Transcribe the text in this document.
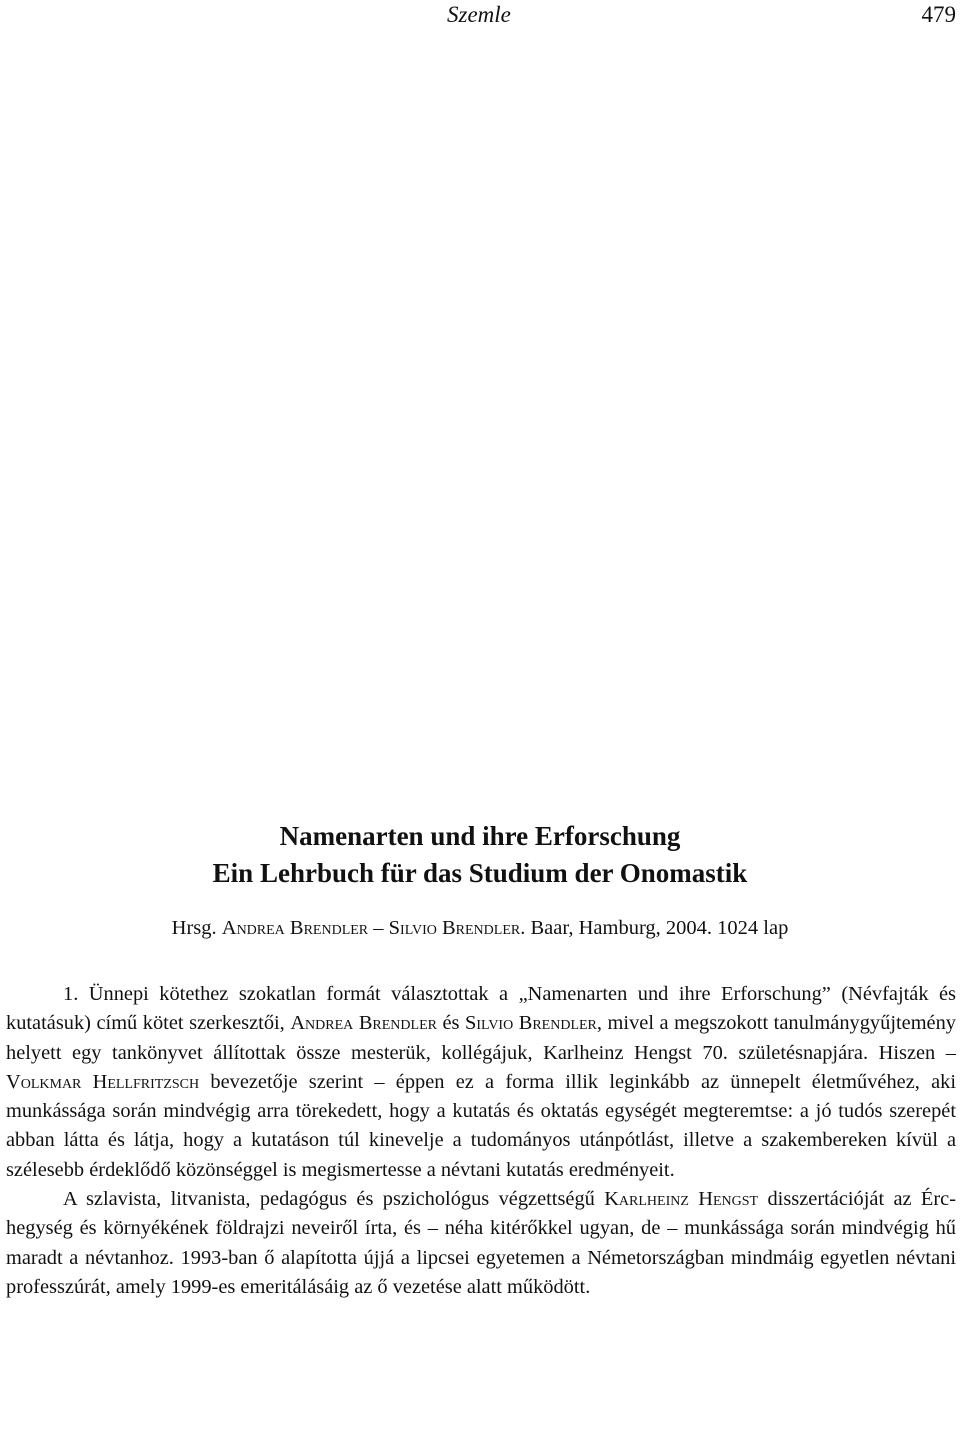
Szemle	479
Namenarten und ihre Erforschung
Ein Lehrbuch für das Studium der Onomastik
Hrsg. Andrea Brendler – Silvio Brendler. Baar, Hamburg, 2004. 1024 lap

1. Ünnepi kötethez szokatlan formát választottak a „Namenarten und ihre Erforschung” (Névfajták és kutatásuk) című kötet szerkesztői, Andrea Brendler és Silvio Brendler, mivel a megszokott tanulmánygyűjtemény helyett egy tankönyvet állítottak össze mesterük, kollégájuk, Karlheinz Hengst 70. születésnapjára. Hiszen – Volkmar Hellfritzsch bevezetője szerint – éppen ez a forma illik leginkább az ünnepelt életművéhez, aki munkássága során mindvégig arra törekedett, hogy a kutatás és oktatás egységét megteremtse: a jó tudós szerepét abban látta és látja, hogy a kutatáson túl kinevelje a tudományos utánpótlást, illetve a szakembereken kívül a szélesebb érdeklődő közönséggel is megismertesse a névtani kutatás eredményeit.

A szlavista, litvanista, pedagógus és pszichológus végzettségű Karlheinz Hengst disszertációját az Érc-hegység és környékének földrajzi neveiről írta, és – néha kitérőkkel ugyan, de – munkássága során mindvégig hű maradt a névtanhoz. 1993-ban ő alapította újjá a lipcsei egyetemen a Németországban mindmáig egyetlen névtani professzúrát, amely 1999-es emeritálásáig az ő vezetése alatt működött.
